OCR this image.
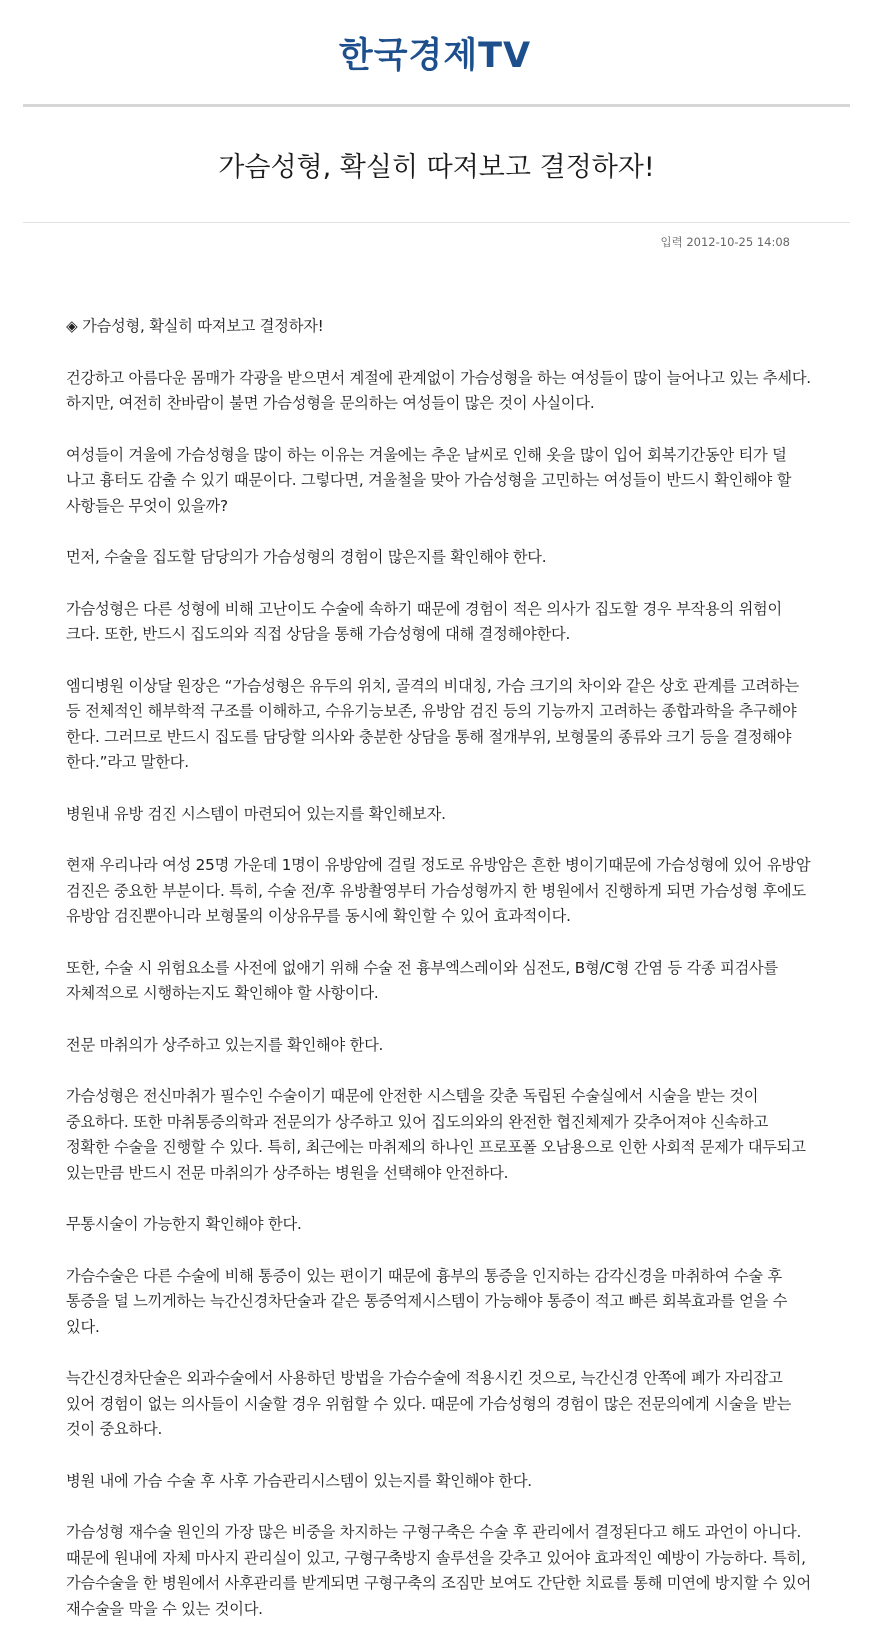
한국경제TV
가슴성형, 확실히 따져보고 결정하자!
입력 2012-10-25 14:08

◈ 가슴성형, 확실히 따져보고 결정하자!

건강하고 아름다운 몸매가 각광을 받으면서 계절에 관계없이 가슴성형을 하는 여성들이 많이 늘어나고 있는 추세다. 하지만, 여전히 찬바람이 불면 가슴성형을 문의하는 여성들이 많은 것이 사실이다.

여성들이 겨울에 가슴성형을 많이 하는 이유는 겨울에는 추운 날씨로 인해 옷을 많이 입어 회복기간동안 티가 덜 나고 흉터도 감출 수 있기 때문이다. 그렇다면, 겨울철을 맞아 가슴성형을 고민하는 여성들이 반드시 확인해야 할 사항들은 무엇이 있을까?

먼저, 수술을 집도할 담당의가 가슴성형의 경험이 많은지를 확인해야 한다.

가슴성형은 다른 성형에 비해 고난이도 수술에 속하기 때문에 경험이 적은 의사가 집도할 경우 부작용의 위험이 크다. 또한, 반드시 집도의와 직접 상담을 통해 가슴성형에 대해 결정해야한다.

엠디병원 이상달 원장은 “가슴성형은 유두의 위치, 골격의 비대칭, 가슴 크기의 차이와 같은 상호 관계를 고려하는 등 전체적인 해부학적 구조를 이해하고, 수유기능보존, 유방암 검진 등의 기능까지 고려하는 종합과학을 추구해야 한다. 그러므로 반드시 집도를 담당할 의사와 충분한 상담을 통해 절개부위, 보형물의 종류와 크기 등을 결정해야 한다.”라고 말한다.

병원내 유방 검진 시스템이 마련되어 있는지를 확인해보자.

현재 우리나라 여성 25명 가운데 1명이 유방암에 걸릴 정도로 유방암은 흔한 병이기때문에 가슴성형에 있어 유방암 검진은 중요한 부분이다. 특히, 수술 전/후 유방촬영부터 가슴성형까지 한 병원에서 진행하게 되면 가슴성형 후에도 유방암 검진뿐아니라 보형물의 이상유무를 동시에 확인할 수 있어 효과적이다.

또한, 수술 시 위험요소를 사전에 없애기 위해 수술 전 흉부엑스레이와 심전도, B형/C형 간염 등 각종 피검사를 자체적으로 시행하는지도 확인해야 할 사항이다.

전문 마취의가 상주하고 있는지를 확인해야 한다.

가슴성형은 전신마취가 필수인 수술이기 때문에 안전한 시스템을 갖춘 독립된 수술실에서 시술을 받는 것이 중요하다. 또한 마취통증의학과 전문의가 상주하고 있어 집도의와의 완전한 협진체제가 갖추어져야 신속하고 정확한 수술을 진행할 수 있다. 특히, 최근에는 마취제의 하나인 프로포폴 오남용으로 인한 사회적 문제가 대두되고 있는만큼 반드시 전문 마취의가 상주하는 병원을 선택해야 안전하다.

무통시술이 가능한지 확인해야 한다.

가슴수술은 다른 수술에 비해 통증이 있는 편이기 때문에 흉부의 통증을 인지하는 감각신경을 마취하여 수술 후 통증을 덜 느끼게하는 늑간신경차단술과 같은 통증억제시스템이 가능해야 통증이 적고 빠른 회복효과를 얻을 수 있다.

늑간신경차단술은 외과수술에서 사용하던 방법을 가슴수술에 적용시킨 것으로, 늑간신경 안쪽에 폐가 자리잡고 있어 경험이 없는 의사들이 시술할 경우 위험할 수 있다. 때문에 가슴성형의 경험이 많은 전문의에게 시술을 받는 것이 중요하다.

병원 내에 가슴 수술 후 사후 가슴관리시스템이 있는지를 확인해야 한다.

가슴성형 재수술 원인의 가장 많은 비중을 차지하는 구형구축은 수술 후 관리에서 결정된다고 해도 과언이 아니다. 때문에 원내에 자체 마사지 관리실이 있고, 구형구축방지 솔루션을 갖추고 있어야 효과적인 예방이 가능하다. 특히, 가슴수술을 한 병원에서 사후관리를 받게되면 구형구축의 조짐만 보여도 간단한 치료를 통해 미연에 방지할 수 있어 재수술을 막을 수 있는 것이다.
